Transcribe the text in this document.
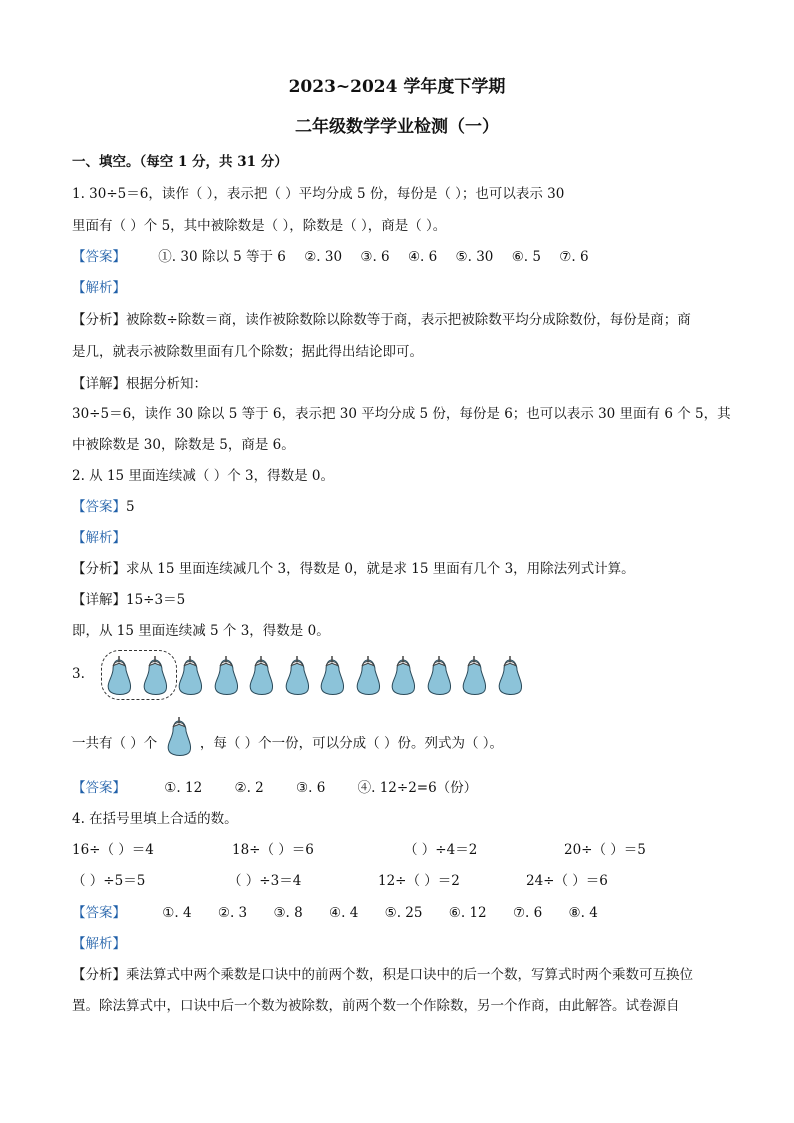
2023~2024 学年度下学期
二年级数学学业检测（一）
一、填空。（每空 1 分，共 31 分）
1. 30÷5＝6，读作（ ），表示把（ ）平均分成 5 份，每份是（ ）；也可以表示 30
里面有（ ）个 5，其中被除数是（ ），除数是（ ），商是（ ）。
【答案】 ①. 30 除以 5 等于 6 ②. 30 ③. 6 ④. 6 ⑤. 30 ⑥. 5 ⑦. 6
【解析】
【分析】被除数÷除数＝商，读作被除数除以除数等于商，表示把被除数平均分成除数份，每份是商；商
是几，就表示被除数里面有几个除数；据此得出结论即可。
【详解】根据分析知：
30÷5＝6，读作 30 除以 5 等于 6，表示把 30 平均分成 5 份，每份是 6；也可以表示 30 里面有 6 个 5，其
中被除数是 30，除数是 5，商是 6。
2. 从 15 里面连续减（ ）个 3，得数是 0。
【答案】5
【解析】
【分析】求从 15 里面连续减几个 3，得数是 0，就是求 15 里面有几个 3，用除法列式计算。
【详解】15÷3＝5
即，从 15 里面连续减 5 个 3，得数是 0。
3.
一共有（ ）个	，每（ ）个一份，可以分成（ ）份。列式为（ ）。
【答案】	①. 12 ②. 2 ③. 6 ④. 12÷2=6（份）
4. 在括号里填上合适的数。
16÷（ ）＝4	18÷（ ）＝6	（ ）÷4＝2	20÷（ ）＝5
（ ）÷5＝5	（ ）÷3＝4	12÷（ ）＝2	24÷（ ）＝6
【答案】	①. 4 ②. 3 ③. 8 ④. 4 ⑤. 25 ⑥. 12 ⑦. 6 ⑧. 4
【解析】
【分析】乘法算式中两个乘数是口诀中的前两个数，积是口诀中的后一个数，写算式时两个乘数可互换位
置。除法算式中，口诀中后一个数为被除数，前两个数一个作除数，另一个作商，由此解答。试卷源自
